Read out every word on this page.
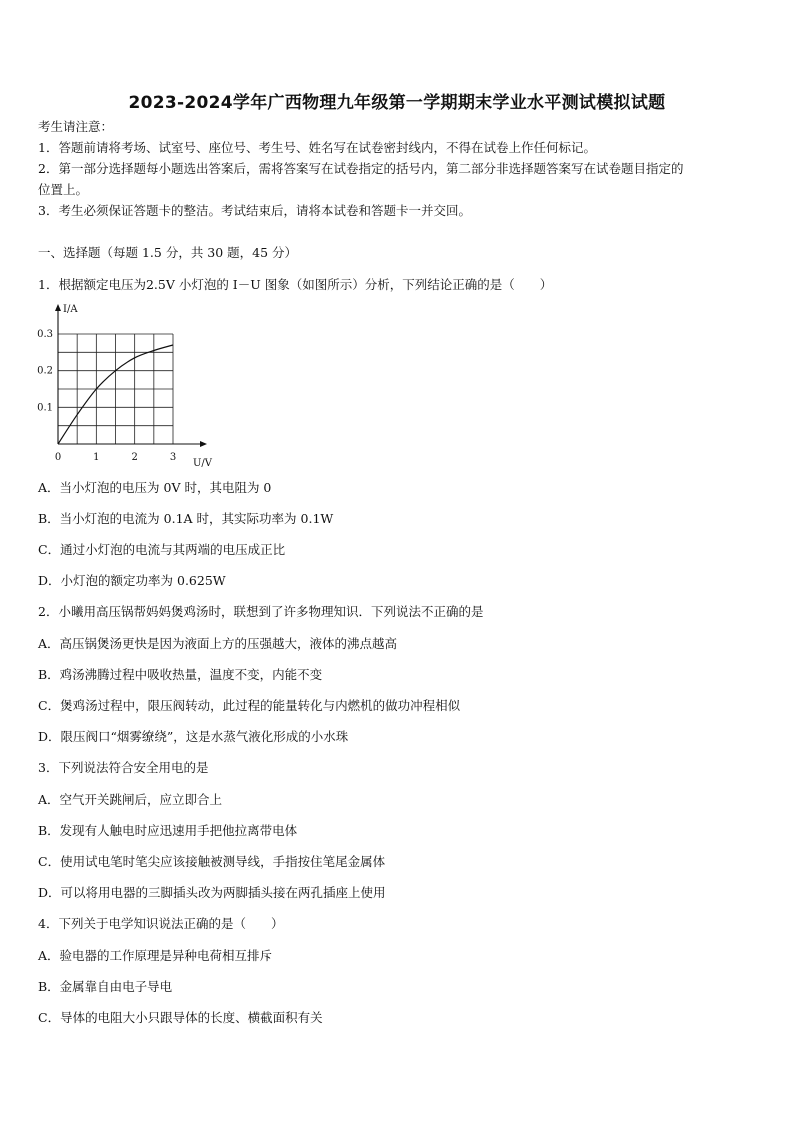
2023-2024学年广西物理九年级第一学期期末学业水平测试模拟试题
考生请注意：
1．答题前请将考场、试室号、座位号、考生号、姓名写在试卷密封线内，不得在试卷上作任何标记。
2．第一部分选择题每小题选出答案后，需将答案写在试卷指定的括号内，第二部分非选择题答案写在试卷题目指定的
位置上。
3．考生必须保证答题卡的整洁。考试结束后，请将本试卷和答题卡一并交回。
一、选择题（每题 1.5 分，共 30 题，45 分）
1．根据额定电压为2.5V 小灯泡的 I－U 图象（如图所示）分析，下列结论正确的是（　　）
0	1	2	3
0.1
0.2
0.3
U/V
I/A
A．当小灯泡的电压为 0V 时，其电阻为 0
B．当小灯泡的电流为 0.1A 时，其实际功率为 0.1W
C．通过小灯泡的电流与其两端的电压成正比
D．小灯泡的额定功率为 0.625W
2．小曦用高压锅帮妈妈煲鸡汤时，联想到了许多物理知识．下列说法不正确的是
A．高压锅煲汤更快是因为液面上方的压强越大，液体的沸点越高
B．鸡汤沸腾过程中吸收热量，温度不变，内能不变
C．煲鸡汤过程中，限压阀转动，此过程的能量转化与内燃机的做功冲程相似
D．限压阀口“烟雾缭绕”，这是水蒸气液化形成的小水珠
3．下列说法符合安全用电的是
A．空气开关跳闸后，应立即合上
B．发现有人触电时应迅速用手把他拉离带电体
C．使用试电笔时笔尖应该接触被测导线，手指按住笔尾金属体
D．可以将用电器的三脚插头改为两脚插头接在两孔插座上使用
4．下列关于电学知识说法正确的是（　　）
A．验电器的工作原理是异种电荷相互排斥
B．金属靠自由电子导电
C．导体的电阻大小只跟导体的长度、横截面积有关
